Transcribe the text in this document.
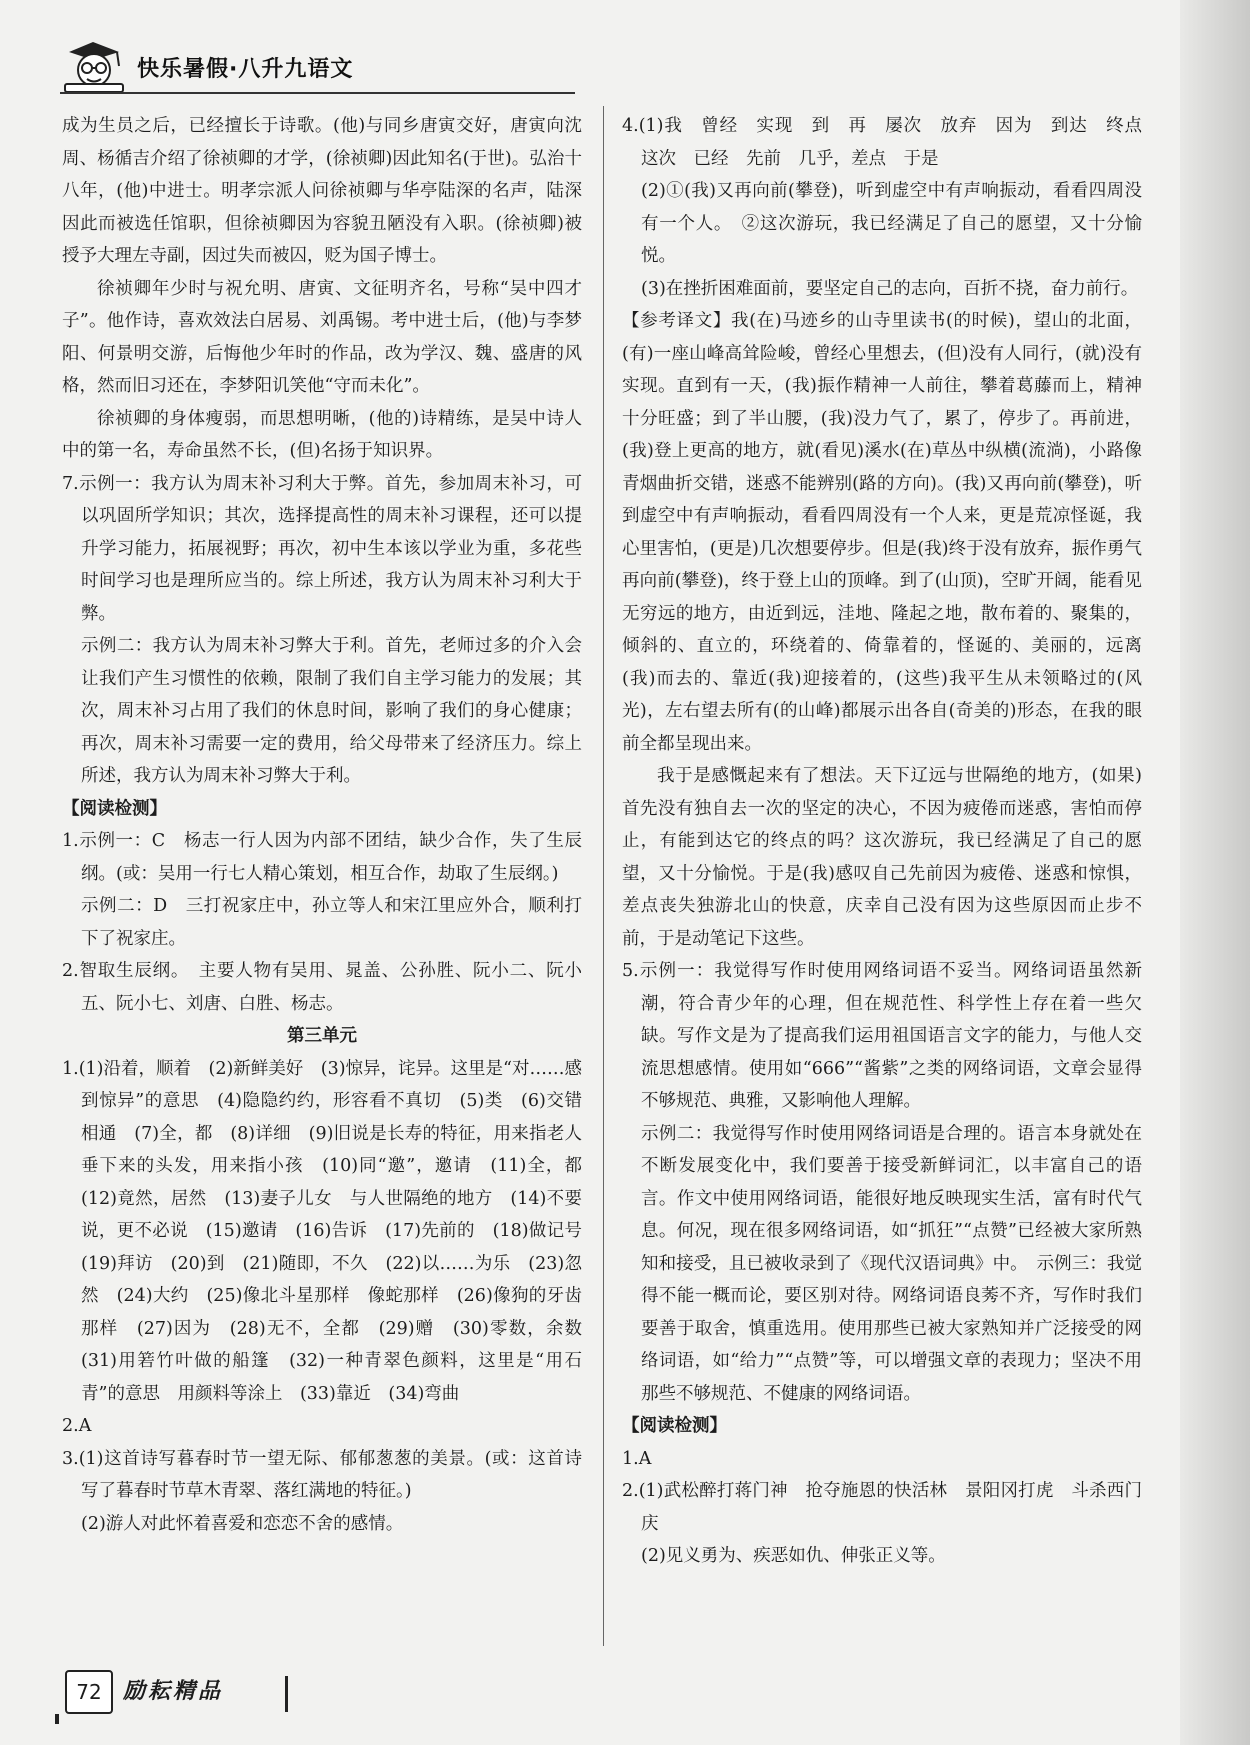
快乐暑假·八升九语文

成为生员之后，已经擅长于诗歌。(他)与同乡唐寅交好，唐寅向沈周、杨循吉介绍了徐祯卿的才学，(徐祯卿)因此知名(于世)。弘治十八年，(他)中进士。明孝宗派人问徐祯卿与华亭陆深的名声，陆深因此而被选任馆职，但徐祯卿因为容貌丑陋没有入职。(徐祯卿)被授予大理左寺副，因过失而被囚，贬为国子博士。

徐祯卿年少时与祝允明、唐寅、文征明齐名，号称“吴中四才子”。他作诗，喜欢效法白居易、刘禹锡。考中进士后，(他)与李梦阳、何景明交游，后悔他少年时的作品，改为学汉、魏、盛唐的风格，然而旧习还在，李梦阳讥笑他“守而未化”。

徐祯卿的身体瘦弱，而思想明晰，(他的)诗精练，是吴中诗人中的第一名，寿命虽然不长，(但)名扬于知识界。

7.示例一：我方认为周末补习利大于弊。首先，参加周末补习，可以巩固所学知识；其次，选择提高性的周末补习课程，还可以提升学习能力，拓展视野；再次，初中生本该以学业为重，多花些时间学习也是理所应当的。综上所述，我方认为周末补习利大于弊。

示例二：我方认为周末补习弊大于利。首先，老师过多的介入会让我们产生习惯性的依赖，限制了我们自主学习能力的发展；其次，周末补习占用了我们的休息时间，影响了我们的身心健康；再次，周末补习需要一定的费用，给父母带来了经济压力。综上所述，我方认为周末补习弊大于利。

【阅读检测】

1.示例一：C　杨志一行人因为内部不团结，缺少合作，失了生辰纲。(或：吴用一行七人精心策划，相互合作，劫取了生辰纲。)

示例二：D　三打祝家庄中，孙立等人和宋江里应外合，顺利打下了祝家庄。

2.智取生辰纲。　主要人物有吴用、晁盖、公孙胜、阮小二、阮小五、阮小七、刘唐、白胜、杨志。

第三单元

1.(1)沿着，顺着　(2)新鲜美好　(3)惊异，诧异。这里是“对……感到惊异”的意思　(4)隐隐约约，形容看不真切　(5)类　(6)交错相通　(7)全，都　(8)详细　(9)旧说是长寿的特征，用来指老人　垂下来的头发，用来指小孩　(10)同“邀”，邀请　(11)全，都　(12)竟然，居然　(13)妻子儿女　与人世隔绝的地方　(14)不要说，更不必说　(15)邀请　(16)告诉　(17)先前的　(18)做记号　(19)拜访　(20)到　(21)随即，不久　(22)以……为乐　(23)忽然　(24)大约　(25)像北斗星那样　像蛇那样　(26)像狗的牙齿那样　(27)因为　(28)无不，全都　(29)赠　(30)零数，余数　(31)用箬竹叶做的船篷　(32)一种青翠色颜料，这里是“用石青”的意思　用颜料等涂上　(33)靠近　(34)弯曲

2.A

3.(1)这首诗写暮春时节一望无际、郁郁葱葱的美景。(或：这首诗写了暮春时节草木青翠、落红满地的特征。)

(2)游人对此怀着喜爱和恋恋不舍的感情。

4.(1)我　曾经　实现　到　再　屡次　放弃　因为　到达　终点　这次　已经　先前　几乎，差点　于是

(2)①(我)又再向前(攀登)，听到虚空中有声响振动，看看四周没有一个人。　②这次游玩，我已经满足了自己的愿望，又十分愉悦。

(3)在挫折困难面前，要坚定自己的志向，百折不挠，奋力前行。

【参考译文】我(在)马迹乡的山寺里读书(的时候)，望山的北面，(有)一座山峰高耸险峻，曾经心里想去，(但)没有人同行，(就)没有实现。直到有一天，(我)振作精神一人前往，攀着葛藤而上，精神十分旺盛；到了半山腰，(我)没力气了，累了，停步了。再前进，(我)登上更高的地方，就(看见)溪水(在)草丛中纵横(流淌)，小路像青烟曲折交错，迷惑不能辨别(路的方向)。(我)又再向前(攀登)，听到虚空中有声响振动，看看四周没有一个人来，更是荒凉怪诞，我心里害怕，(更是)几次想要停步。但是(我)终于没有放弃，振作勇气再向前(攀登)，终于登上山的顶峰。到了(山顶)，空旷开阔，能看见无穷远的地方，由近到远，洼地、隆起之地，散布着的、聚集的，倾斜的、直立的，环绕着的、倚靠着的，怪诞的、美丽的，远离(我)而去的、靠近(我)迎接着的，(这些)我平生从未领略过的(风光)，左右望去所有(的山峰)都展示出各自(奇美的)形态，在我的眼前全都呈现出来。

我于是感慨起来有了想法。天下辽远与世隔绝的地方，(如果)首先没有独自去一次的坚定的决心，不因为疲倦而迷惑，害怕而停止，有能到达它的终点的吗？这次游玩，我已经满足了自己的愿望，又十分愉悦。于是(我)感叹自己先前因为疲倦、迷惑和惊惧，差点丧失独游北山的快意，庆幸自己没有因为这些原因而止步不前，于是动笔记下这些。

5.示例一：我觉得写作时使用网络词语不妥当。网络词语虽然新潮，符合青少年的心理，但在规范性、科学性上存在着一些欠缺。写作文是为了提高我们运用祖国语言文字的能力，与他人交流思想感情。使用如“666”“酱紫”之类的网络词语，文章会显得不够规范、典雅，又影响他人理解。

示例二：我觉得写作时使用网络词语是合理的。语言本身就处在不断发展变化中，我们要善于接受新鲜词汇，以丰富自己的语言。作文中使用网络词语，能很好地反映现实生活，富有时代气息。何况，现在很多网络词语，如“抓狂”“点赞”已经被大家所熟知和接受，且已被收录到了《现代汉语词典》中。　示例三：我觉得不能一概而论，要区别对待。网络词语良莠不齐，写作时我们要善于取舍，慎重选用。使用那些已被大家熟知并广泛接受的网络词语，如“给力”“点赞”等，可以增强文章的表现力；坚决不用那些不够规范、不健康的网络词语。

【阅读检测】

1.A

2.(1)武松醉打蒋门神　抢夺施恩的快活林　景阳冈打虎　斗杀西门庆

(2)见义勇为、疾恶如仇、伸张正义等。

72 励耘精品
